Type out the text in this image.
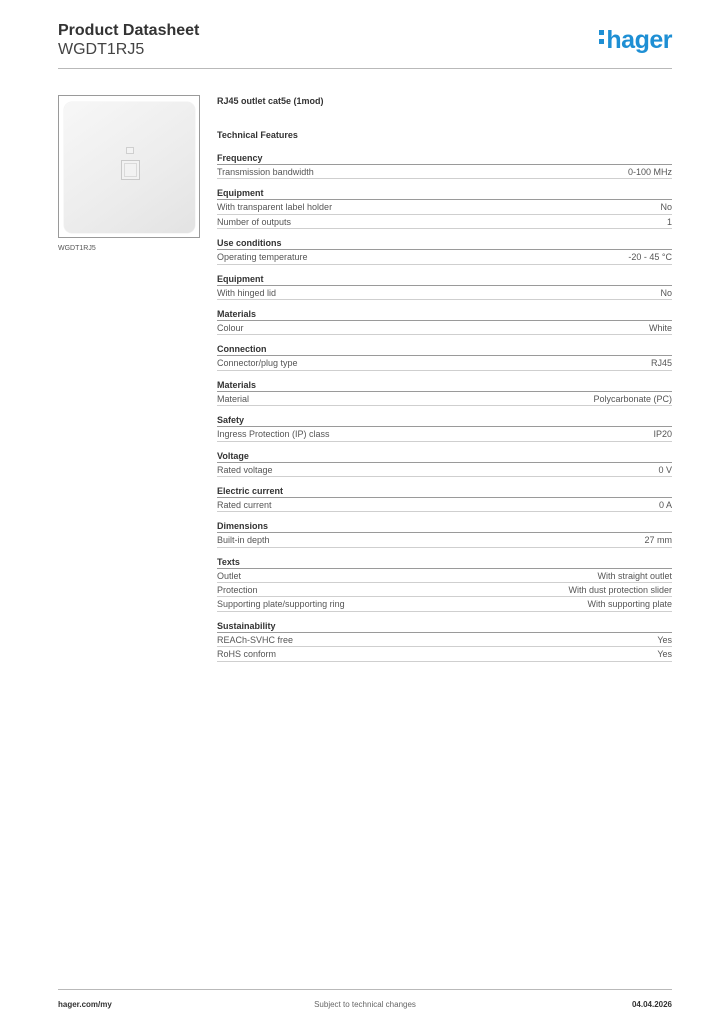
Product Datasheet
WGDT1RJ5	hager
WGDT1RJ5
RJ45 outlet cat5e (1mod)
Technical Features
Frequency
Transmission bandwidth	0-100 MHz
Equipment
With transparent label holder	No
Number of outputs	1
Use conditions
Operating temperature	-20 - 45 °C
Equipment
With hinged lid	No
Materials
Colour	White
Connection
Connector/plug type	RJ45
Materials
Material	Polycarbonate (PC)
Safety
Ingress Protection (IP) class	IP20
Voltage
Rated voltage	0 V
Electric current
Rated current	0 A
Dimensions
Built-in depth	27 mm
Texts
Outlet	With straight outlet
Protection	With dust protection slider
Supporting plate/supporting ring	With supporting plate
Sustainability
REACh-SVHC free	Yes
RoHS conform	Yes
hager.com/my	Subject to technical changes	04.04.2026
